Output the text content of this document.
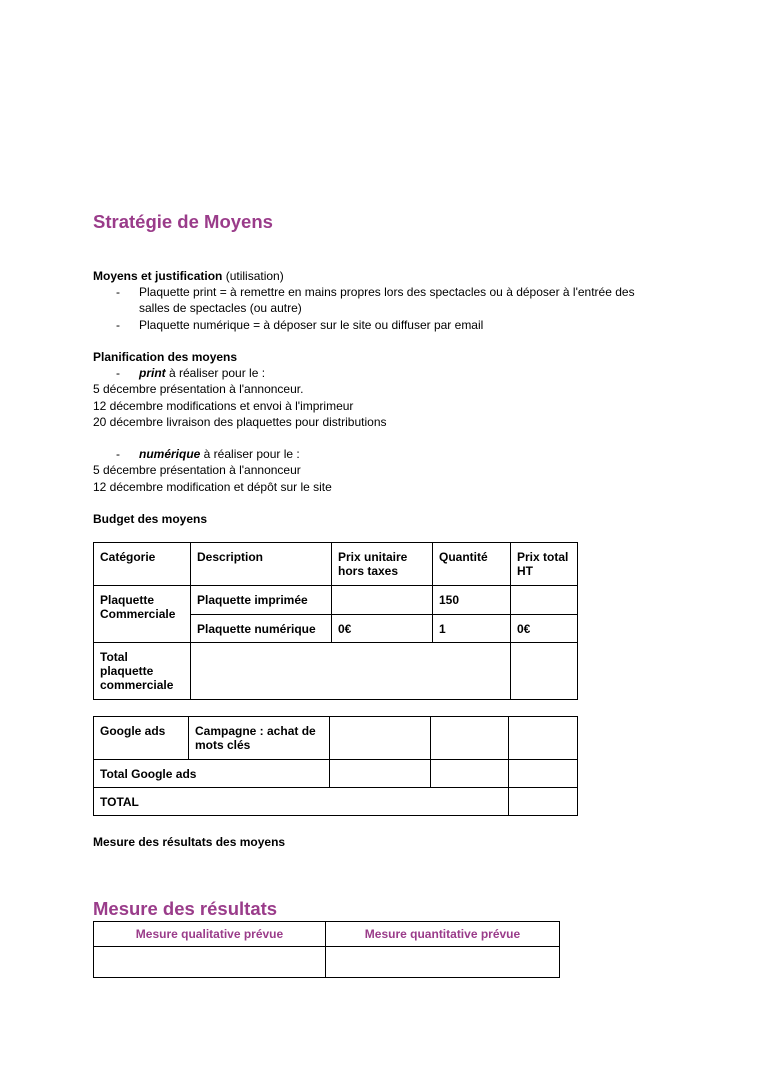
Stratégie de Moyens
Moyens et justification (utilisation)
- Plaquette print = à remettre en mains propres lors des spectacles ou à déposer à l'entrée des
salles de spectacles (ou autre)
- Plaquette numérique = à déposer sur le site ou diffuser par email
Planification des moyens
- print à réaliser pour le :
5 décembre présentation à l'annonceur.
12 décembre modifications et envoi à l'imprimeur
20 décembre livraison des plaquettes pour distributions
- numérique à réaliser pour le :
5 décembre présentation à l'annonceur
12 décembre modification et dépôt sur le site
Budget des moyens
Catégorie	Description	Prix unitaire hors taxes	Quantité	Prix total HT
Plaquette Commerciale	Plaquette imprimée		150	
	Plaquette numérique	0€	1	0€
Total plaquette commerciale				
Google ads	Campagne : achat de mots clés			
Total Google ads				
TOTAL				
Mesure des résultats des moyens
Mesure des résultats
Mesure qualitative prévue	Mesure quantitative prévue
